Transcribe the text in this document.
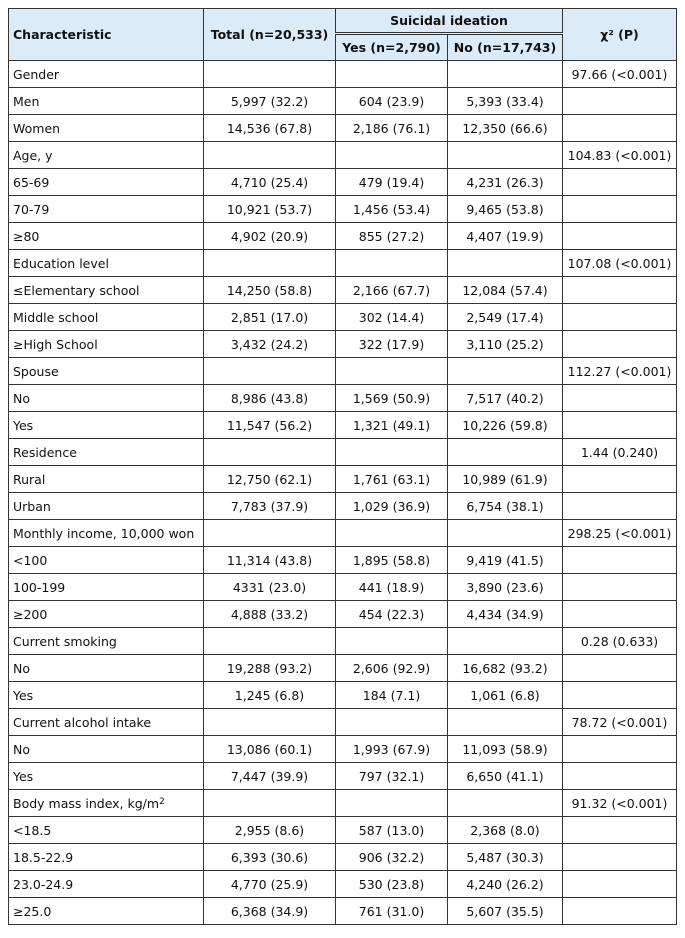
Characteristic	Total (n=20,533)	Suicidal ideation		χ² (P)
		Yes (n=2,790)	No (n=17,743)	
Gender				97.66 (<0.001)
Men	5,997 (32.2)	604 (23.9)	5,393 (33.4)	
Women	14,536 (67.8)	2,186 (76.1)	12,350 (66.6)	
Age, y				104.83 (<0.001)
65-69	4,710 (25.4)	479 (19.4)	4,231 (26.3)	
70-79	10,921 (53.7)	1,456 (53.4)	9,465 (53.8)	
≥80	4,902 (20.9)	855 (27.2)	4,407 (19.9)	
Education level				107.08 (<0.001)
≤Elementary school	14,250 (58.8)	2,166 (67.7)	12,084 (57.4)	
Middle school	2,851 (17.0)	302 (14.4)	2,549 (17.4)	
≥High School	3,432 (24.2)	322 (17.9)	3,110 (25.2)	
Spouse				112.27 (<0.001)
No	8,986 (43.8)	1,569 (50.9)	7,517 (40.2)	
Yes	11,547 (56.2)	1,321 (49.1)	10,226 (59.8)	
Residence				1.44 (0.240)
Rural	12,750 (62.1)	1,761 (63.1)	10,989 (61.9)	
Urban	7,783 (37.9)	1,029 (36.9)	6,754 (38.1)	
Monthly income, 10,000 won				298.25 (<0.001)
<100	11,314 (43.8)	1,895 (58.8)	9,419 (41.5)	
100-199	4331 (23.0)	441 (18.9)	3,890 (23.6)	
≥200	4,888 (33.2)	454 (22.3)	4,434 (34.9)	
Current smoking				0.28 (0.633)
No	19,288 (93.2)	2,606 (92.9)	16,682 (93.2)	
Yes	1,245 (6.8)	184 (7.1)	1,061 (6.8)	
Current alcohol intake				78.72 (<0.001)
No	13,086 (60.1)	1,993 (67.9)	11,093 (58.9)	
Yes	7,447 (39.9)	797 (32.1)	6,650 (41.1)	
Body mass index, $kg/m^2$				91.32 (<0.001)
<18.5	2,955 (8.6)	587 (13.0)	2,368 (8.0)	
18.5-22.9	6,393 (30.6)	906 (32.2)	5,487 (30.3)	
23.0-24.9	4,770 (25.9)	530 (23.8)	4,240 (26.2)	
≥25.0	6,368 (34.9)	761 (31.0)	5,607 (35.5)	
